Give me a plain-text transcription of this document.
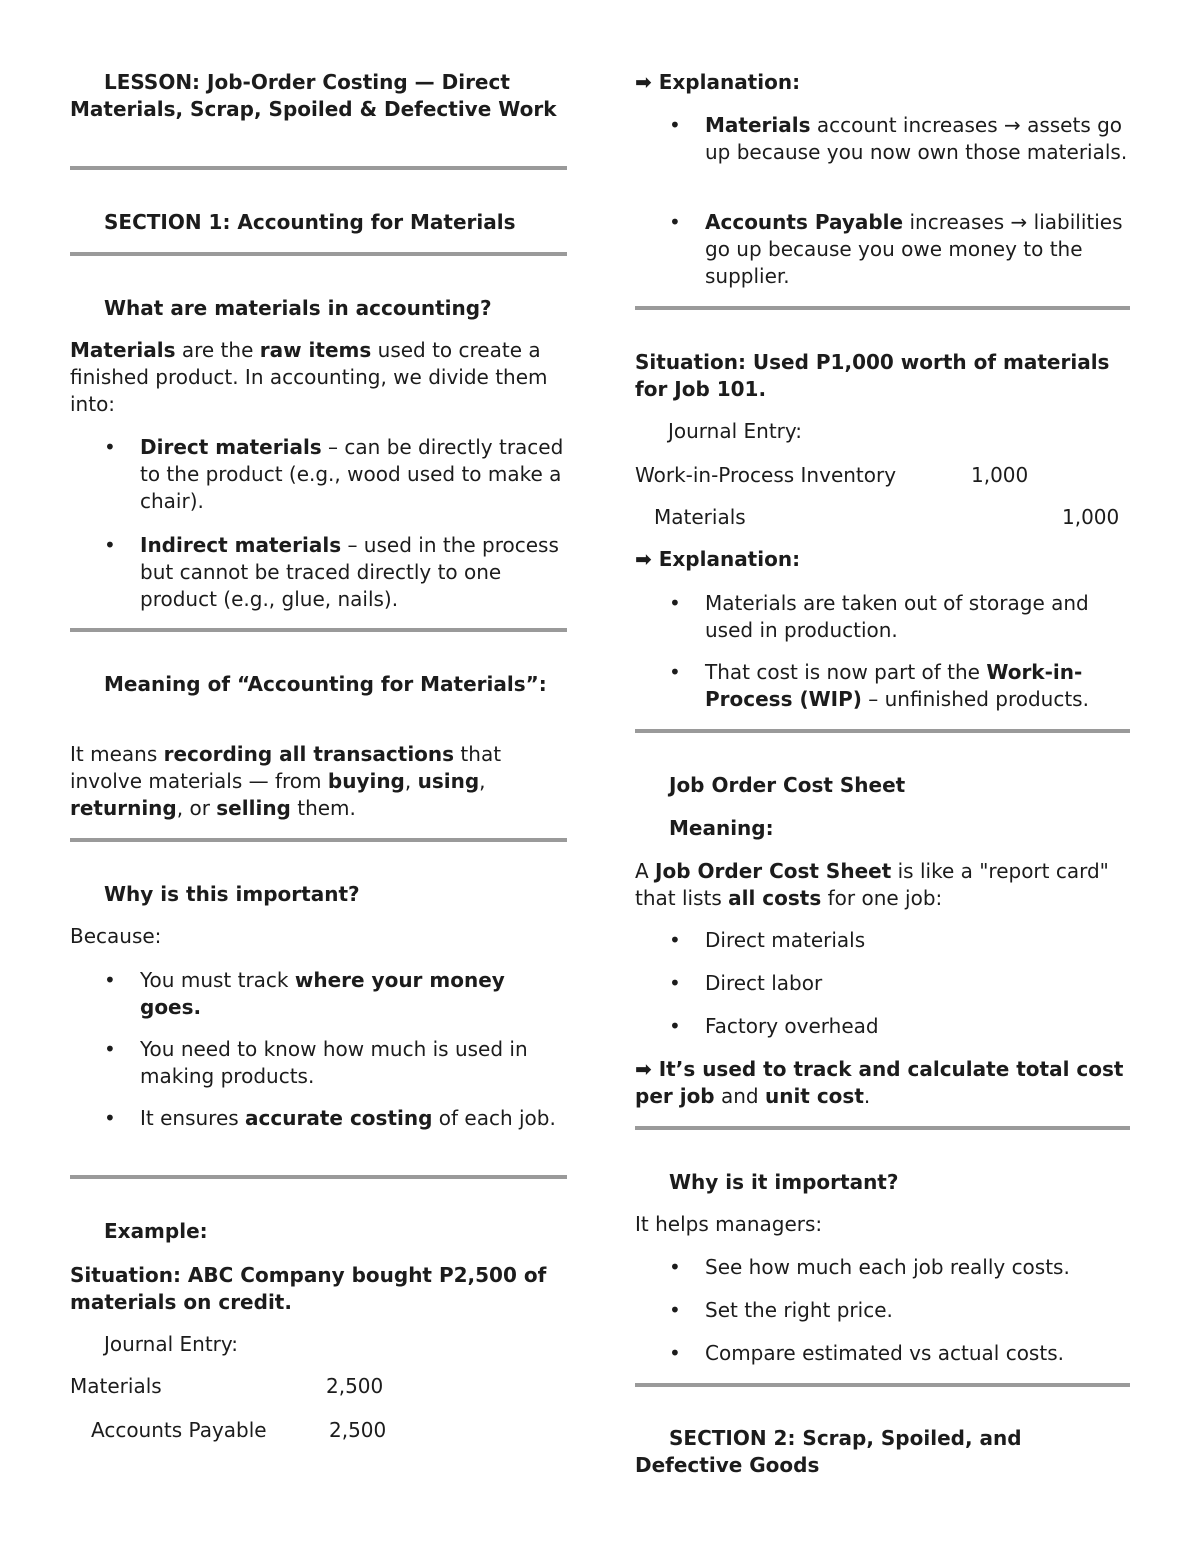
LESSON: Job-Order Costing — Direct Materials, Scrap, Spoiled & Defective Work

SECTION 1: Accounting for Materials

What are materials in accounting?

Materials are the raw items used to create a finished product. In accounting, we divide them into:

• Direct materials – can be directly traced to the product (e.g., wood used to make a chair).
• Indirect materials – used in the process but cannot be traced directly to one product (e.g., glue, nails).

Meaning of “Accounting for Materials”:

It means recording all transactions that involve materials — from buying, using, returning, or selling them.

Why is this important?

Because:

• You must track where your money goes.
• You need to know how much is used in making products.
• It ensures accurate costing of each job.

Example:

Situation: ABC Company bought P2,500 of materials on credit.

Journal Entry:

Materials	2,500

Accounts Payable	2,500

➡ Explanation:

• Materials account increases → assets go up because you now own those materials.
• Accounts Payable increases → liabilities go up because you owe money to the supplier.

Situation: Used P1,000 worth of materials for Job 101.

Journal Entry:

Work-in-Process Inventory	1,000

Materials	1,000

➡ Explanation:

• Materials are taken out of storage and used in production.
• That cost is now part of the Work-in-Process (WIP) – unfinished products.

Job Order Cost Sheet

Meaning:

A Job Order Cost Sheet is like a "report card" that lists all costs for one job:

• Direct materials
• Direct labor
• Factory overhead

➡ It’s used to track and calculate total cost per job and unit cost.

Why is it important?

It helps managers:

• See how much each job really costs.
• Set the right price.
• Compare estimated vs actual costs.

SECTION 2: Scrap, Spoiled, and Defective Goods
